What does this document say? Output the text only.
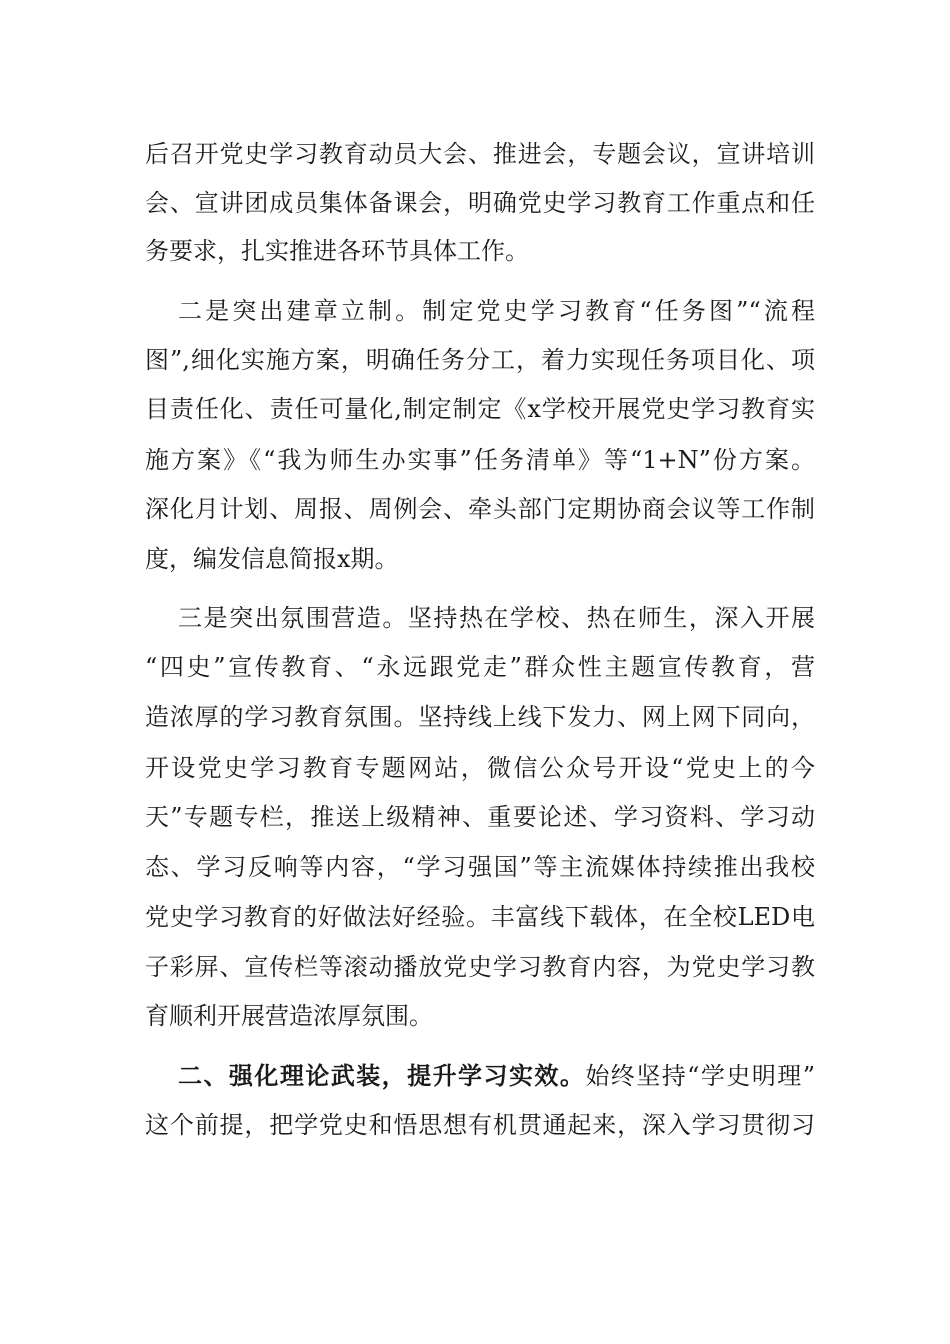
后召开党史学习教育动员大会、推进会，专题会议，宣讲培训
会、宣讲团成员集体备课会，明确党史学习教育工作重点和任
务要求，扎实推进各环节具体工作。
二是突出建章立制。制定党史学习教育“任务图”“流程
图”,细化实施方案，明确任务分工，着力实现任务项目化、项
目责任化、责任可量化,制定制定《x学校开展党史学习教育实
施方案》《“我为师生办实事”任务清单》等“1+N”份方案。
深化月计划、周报、周例会、牵头部门定期协商会议等工作制
度，编发信息简报x期。
三是突出氛围营造。坚持热在学校、热在师生，深入开展
“四史”宣传教育、“永远跟党走”群众性主题宣传教育，营
造浓厚的学习教育氛围。坚持线上线下发力、网上网下同向，
开设党史学习教育专题网站，微信公众号开设“党史上的今
天”专题专栏，推送上级精神、重要论述、学习资料、学习动
态、学习反响等内容，“学习强国”等主流媒体持续推出我校
党史学习教育的好做法好经验。丰富线下载体，在全校LED电
子彩屏、宣传栏等滚动播放党史学习教育内容，为党史学习教
育顺利开展营造浓厚氛围。
二、强化理论武装，提升学习实效。始终坚持“学史明理”
这个前提，把学党史和悟思想有机贯通起来，深入学习贯彻习
